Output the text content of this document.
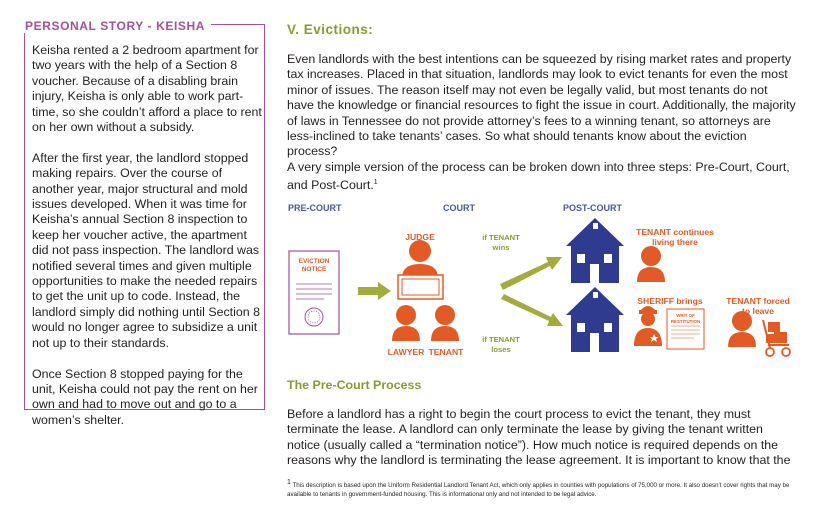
PERSONAL STORY - KEISHA

Keisha rented a 2 bedroom apartment for two years with the help of a Section 8 voucher. Because of a disabling brain injury, Keisha is only able to work part-time, so she couldn’t afford a place to rent on her own without a subsidy.

After the first year, the landlord stopped making repairs. Over the course of another year, major structural and mold issues developed. When it was time for Keisha’s annual Section 8 inspection to keep her voucher active, the apartment did not pass inspection. The landlord was notified several times and given multiple opportunities to make the needed repairs to get the unit up to code. Instead, the landlord simply did nothing until Section 8 would no longer agree to subsidize a unit not up to their standards.

Once Section 8 stopped paying for the unit, Keisha could not pay the rent on her own and had to move out and go to a women’s shelter.

V. Evictions:
Even landlords with the best intentions can be squeezed by rising market rates and property tax increases. Placed in that situation, landlords may look to evict tenants for even the most minor of issues. The reason itself may not even be legally valid, but most tenants do not have the knowledge or financial resources to fight the issue in court. Additionally, the majority of laws in Tennessee do not provide attorney’s fees to a winning tenant, so attorneys are less-inclined to take tenants’ cases. So what should tenants know about the eviction process?
A very simple version of the process can be broken down into three steps: Pre-Court, Court, and Post-Court.$^1$
PRE-COURT	COURT	POST-COURT
EVICTION
NOTICE
JUDGE
LAWYER TENANT
if TENANT
wins
if TENANT
loses
TENANT continues
living there
SHERIFF brings
WRIT OF
RESTITUTION
TENANT forced
to leave
The Pre-Court Process
Before a landlord has a right to begin the court process to evict the tenant, they must terminate the lease. A landlord can only terminate the lease by giving the tenant written notice (usually called a “termination notice”). How much notice is required depends on the reasons why the landlord is terminating the lease agreement. It is important to know that the
$^1$ This description is based upon the Uniform Residential Landlord Tenant Act, which only applies in counties with populations of 75,000 or more. It also doesn’t cover rights that may be available to tenants in government-funded housing. This is informational only and not intended to be legal advice.
